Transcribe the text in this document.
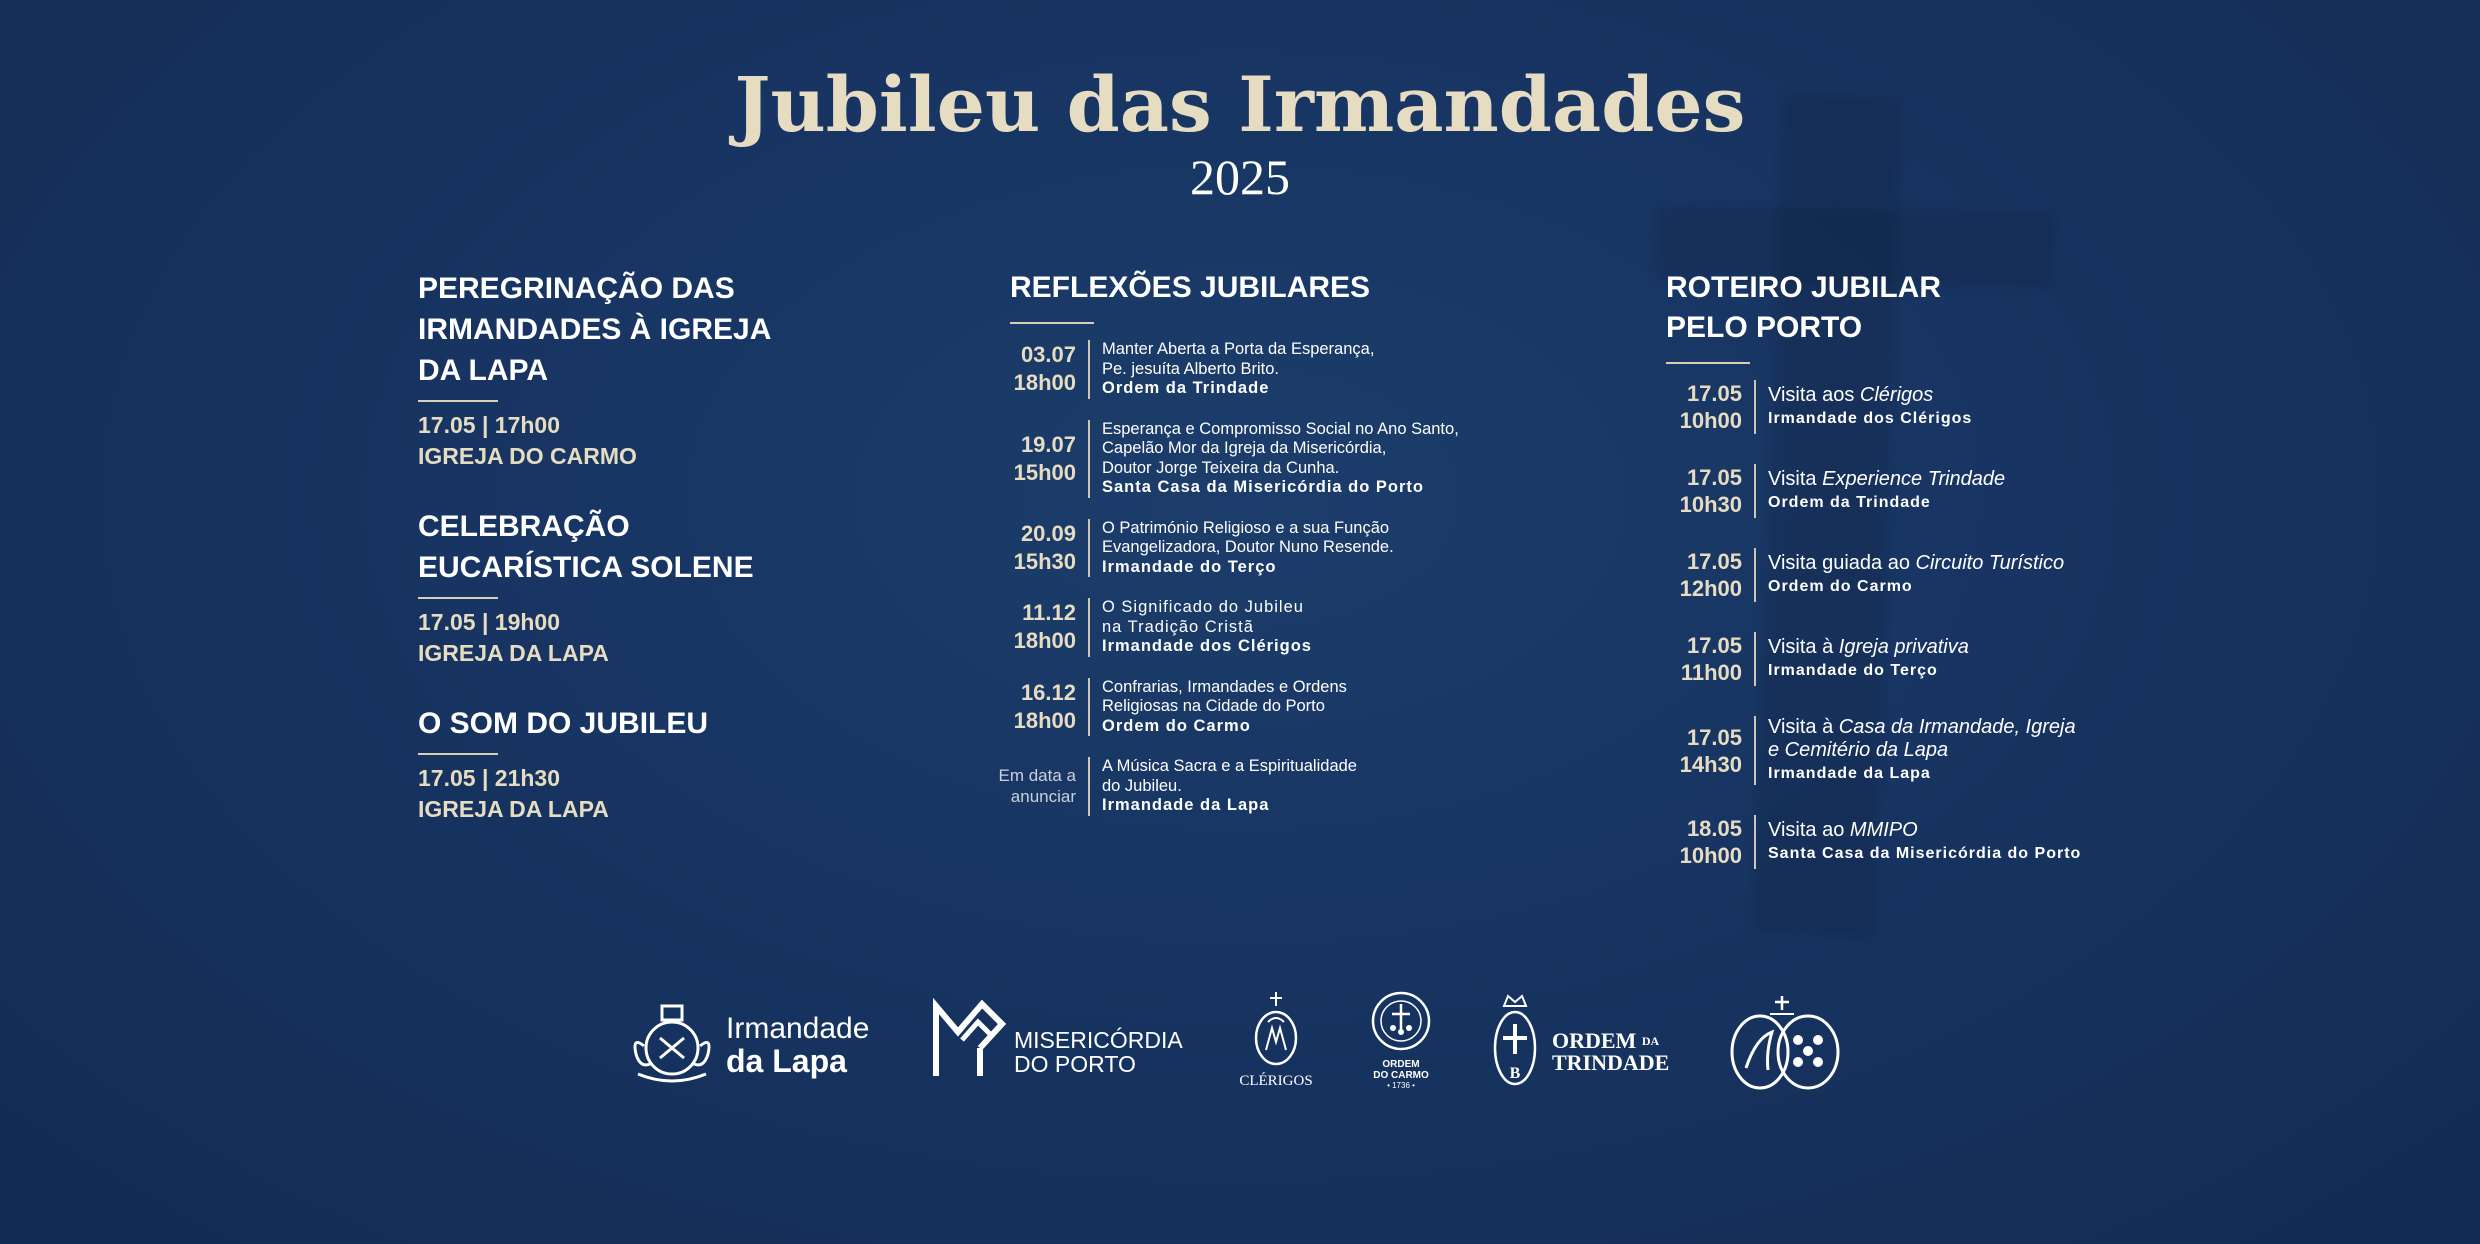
Jubileu das Irmandades
2025
PEREGRINAÇÃO DAS IRMANDADES À IGREJA DA LAPA
17.05 | 17h00
IGREJA DO CARMO
CELEBRAÇÃO EUCARÍSTICA SOLENE
17.05 | 19h00
IGREJA DA LAPA
O SOM DO JUBILEU
17.05 | 21h30
IGREJA DA LAPA
REFLEXÕES JUBILARES
03.07
18h00
Manter Aberta a Porta da Esperança,
Pe. jesuíta Alberto Brito.
Ordem da Trindade
19.07
15h00
Esperança e Compromisso Social no Ano Santo,
Capelão Mor da Igreja da Misericórdia,
Doutor Jorge Teixeira da Cunha.
Santa Casa da Misericórdia do Porto
20.09
15h30
O Património Religioso e a sua Função
Evangelizadora, Doutor Nuno Resende.
Irmandade do Terço
11.12
18h00
O Significado do Jubileu
na Tradição Cristã
Irmandade dos Clérigos
16.12
18h00
Confrarias, Irmandades e Ordens
Religiosas na Cidade do Porto
Ordem do Carmo
Em data a
anunciar
A Música Sacra e a Espiritualidade
do Jubileu.
Irmandade da Lapa
ROTEIRO JUBILAR
PELO PORTO
17.05
10h00
Visita aos Clérigos
Irmandade dos Clérigos
17.05
10h30
Visita Experience Trindade
Ordem da Trindade
17.05
12h00
Visita guiada ao Circuito Turístico
Ordem do Carmo
17.05
11h00
Visita à Igreja privativa
Irmandade do Terço
17.05
14h30
Visita à Casa da Irmandade, Igreja
e Cemitério da Lapa
Irmandade da Lapa
18.05
10h00
Visita ao MMIPO
Santa Casa da Misericórdia do Porto
Irmandade
da Lapa
MISERICÓRDIA
DO PORTO
CLÉRIGOS
ORDEM
DO CARMO
• 1736 •
B
ORDEM $^{DA}$
TRINDADE
